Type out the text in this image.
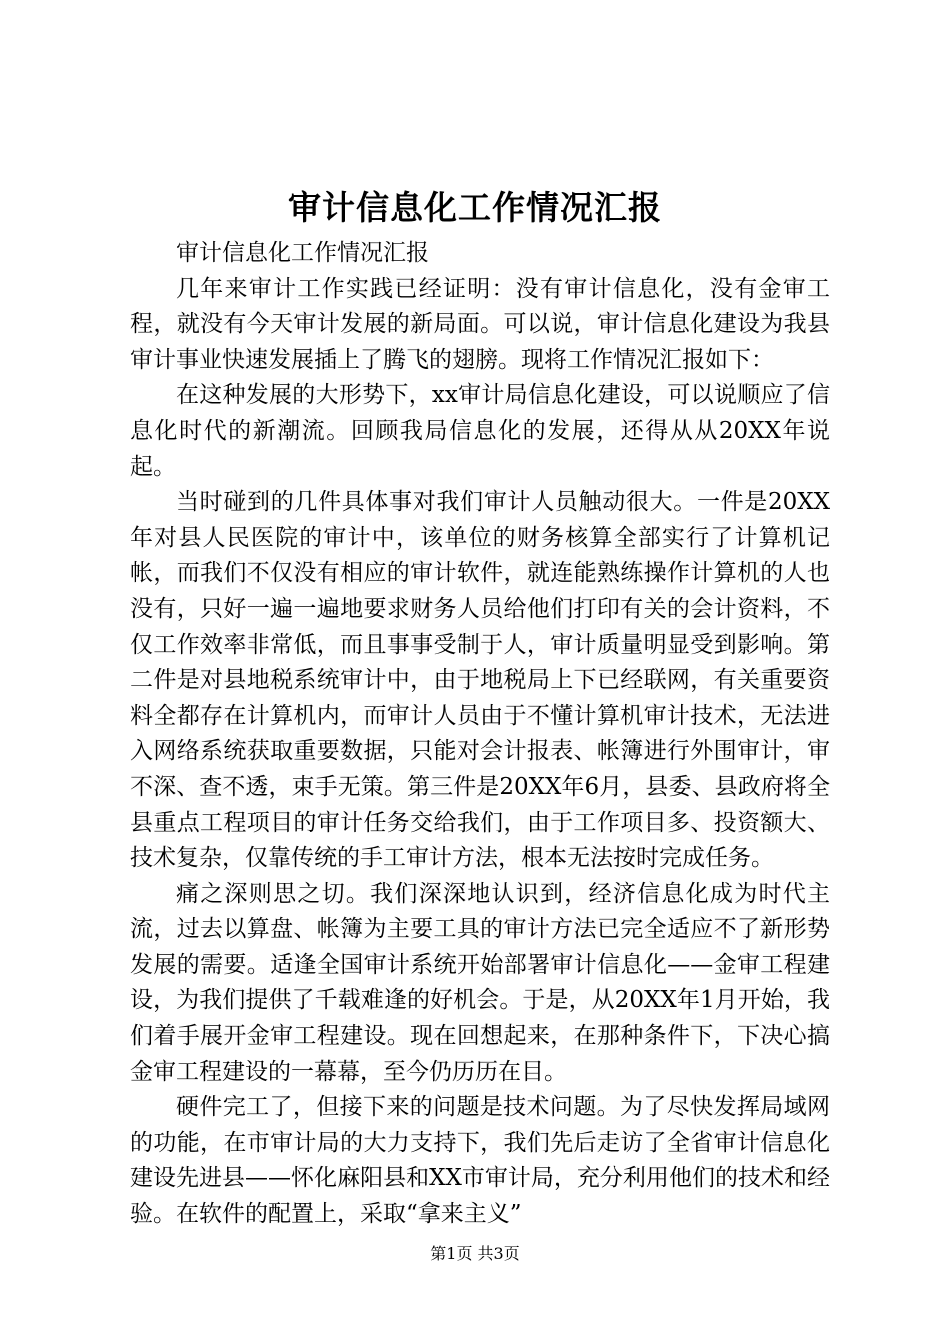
审计信息化工作情况汇报

审计信息化工作情况汇报

几年来审计工作实践已经证明：没有审计信息化，没有金审工程，就没有今天审计发展的新局面。可以说，审计信息化建设为我县审计事业快速发展插上了腾飞的翅膀。现将工作情况汇报如下：

在这种发展的大形势下，xx审计局信息化建设，可以说顺应了信息化时代的新潮流。回顾我局信息化的发展，还得从从20XX年说起。

当时碰到的几件具体事对我们审计人员触动很大。一件是20XX年对县人民医院的审计中，该单位的财务核算全部实行了计算机记帐，而我们不仅没有相应的审计软件，就连能熟练操作计算机的人也没有，只好一遍一遍地要求财务人员给他们打印有关的会计资料，不仅工作效率非常低，而且事事受制于人，审计质量明显受到影响。第二件是对县地税系统审计中，由于地税局上下已经联网，有关重要资料全都存在计算机内，而审计人员由于不懂计算机审计技术，无法进入网络系统获取重要数据，只能对会计报表、帐簿进行外围审计，审不深、查不透，束手无策。第三件是20XX年6月，县委、县政府将全县重点工程项目的审计任务交给我们，由于工作项目多、投资额大、技术复杂，仅靠传统的手工审计方法，根本无法按时完成任务。

痛之深则思之切。我们深深地认识到，经济信息化成为时代主流，过去以算盘、帐簿为主要工具的审计方法已完全适应不了新形势发展的需要。适逢全国审计系统开始部署审计信息化——金审工程建设，为我们提供了千载难逢的好机会。于是，从20XX年1月开始，我们着手展开金审工程建设。现在回想起来，在那种条件下，下决心搞金审工程建设的一幕幕，至今仍历历在目。

硬件完工了，但接下来的问题是技术问题。为了尽快发挥局域网的功能，在市审计局的大力支持下，我们先后走访了全省审计信息化建设先进县——怀化麻阳县和XX市审计局，充分利用他们的技术和经验。在软件的配置上，采取“拿来主义”

第1页 共3页
